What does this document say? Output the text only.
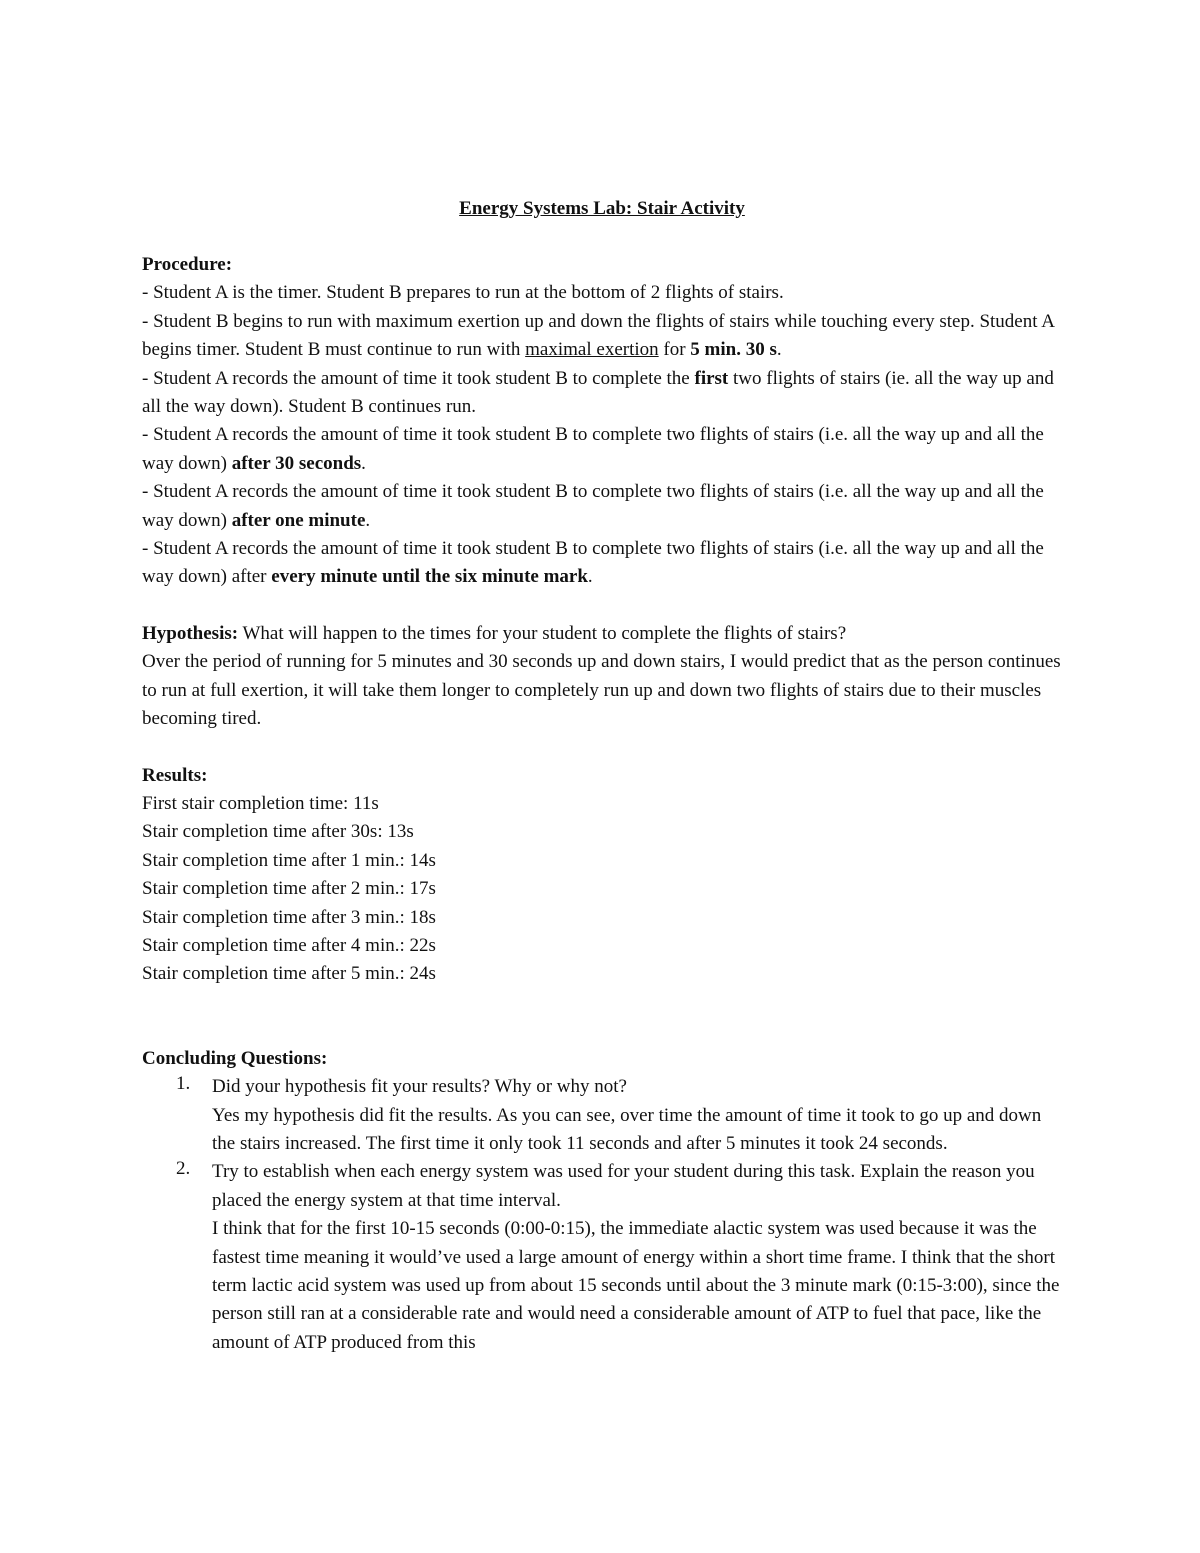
Energy Systems Lab: Stair Activity
Procedure:

- Student A is the timer. Student B prepares to run at the bottom of 2 flights of stairs.

- Student B begins to run with maximum exertion up and down the flights of stairs while touching every step. Student A begins timer. Student B must continue to run with maximal exertion for 5 min. 30 s.

- Student A records the amount of time it took student B to complete the first two flights of stairs (ie. all the way up and all the way down). Student B continues run.

- Student A records the amount of time it took student B to complete two flights of stairs (i.e. all the way up and all the way down) after 30 seconds.

- Student A records the amount of time it took student B to complete two flights of stairs (i.e. all the way up and all the way down) after one minute.

- Student A records the amount of time it took student B to complete two flights of stairs (i.e. all the way up and all the way down) after every minute until the six minute mark.

Hypothesis: What will happen to the times for your student to complete the flights of stairs?

Over the period of running for 5 minutes and 30 seconds up and down stairs, I would predict that as the person continues to run at full exertion, it will take them longer to completely run up and down two flights of stairs due to their muscles becoming tired.

Results:

First stair completion time: 11s

Stair completion time after 30s: 13s

Stair completion time after 1 min.: 14s

Stair completion time after 2 min.: 17s

Stair completion time after 3 min.: 18s

Stair completion time after 4 min.: 22s

Stair completion time after 5 min.: 24s

Concluding Questions:
1. Did your hypothesis fit your results? Why or why not?

Yes my hypothesis did fit the results. As you can see, over time the amount of time it took to go up and down the stairs increased. The first time it only took 11 seconds and after 5 minutes it took 24 seconds.

2. Try to establish when each energy system was used for your student during this task. Explain the reason you placed the energy system at that time interval.

I think that for the first 10-15 seconds (0:00-0:15), the immediate alactic system was used because it was the fastest time meaning it would’ve used a large amount of energy within a short time frame. I think that the short term lactic acid system was used up from about 15 seconds until about the 3 minute mark (0:15-3:00), since the person still ran at a considerable rate and would need a considerable amount of ATP to fuel that pace, like the amount of ATP produced from this
